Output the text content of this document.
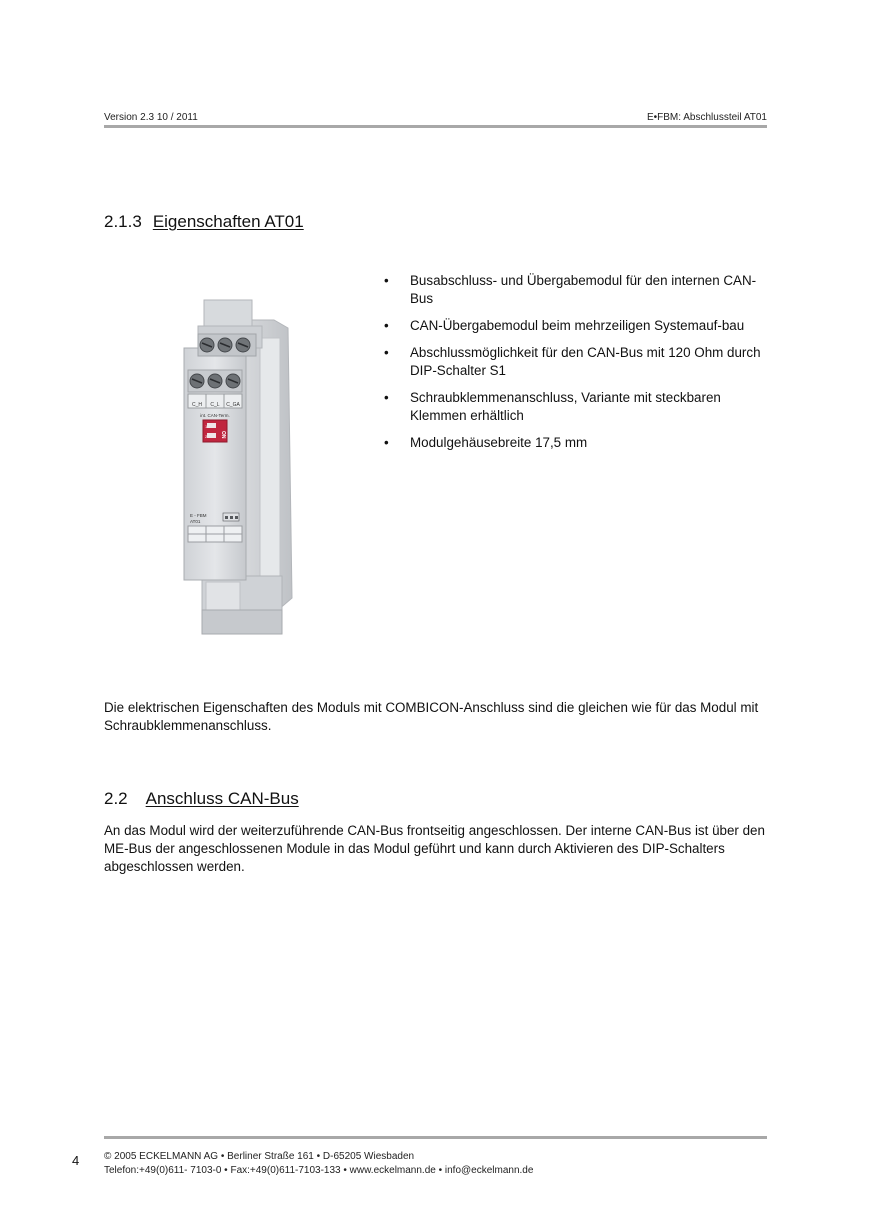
Version 2.3 10 / 2011	E•FBM: Abschlussteil AT01
2.1.3 Eigenschaften AT01
C_H C_L C_GA
int. CAN-Term.
1
2	ON
E - FBM
AT01
• Busabschluss- und Übergabemodul für den internen CAN-Bus
• CAN-Übergabemodul beim mehrzeiligen Systemauf-bau
• Abschlussmöglichkeit für den CAN-Bus mit 120 Ohm durch DIP-Schalter S1
• Schraubklemmenanschluss, Variante mit steckbaren Klemmen erhältlich
• Modulgehäusebreite 17,5 mm
Die elektrischen Eigenschaften des Moduls mit COMBICON-Anschluss sind die gleichen wie für das Modul mit Schraubklemmenanschluss.
2.2 Anschluss CAN-Bus
An das Modul wird der weiterzuführende CAN-Bus frontseitig angeschlossen. Der interne CAN-Bus ist über den ME-Bus der angeschlossenen Module in das Modul geführt und kann durch Aktivieren des DIP-Schalters abgeschlossen werden.
4 © 2005 ECKELMANN AG • Berliner Straße 161 • D-65205 Wiesbaden
Telefon:+49(0)611- 7103-0 • Fax:+49(0)611-7103-133 • www.eckelmann.de • info@eckelmann.de
